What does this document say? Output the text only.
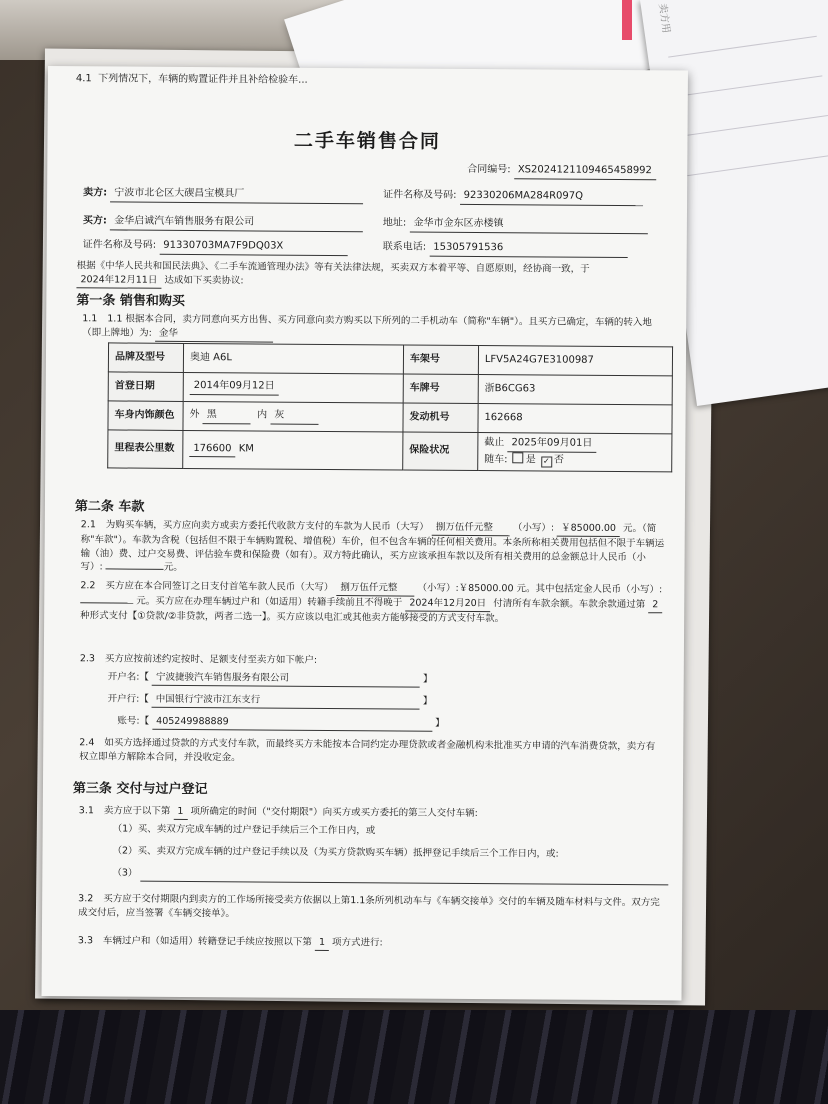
卖方用
4.1 下列情况下，车辆的购置证件并且补给检验车...
二手车销售合同
合同编号: XS2024121109465458992
卖方: 宁波市北仑区大碶昌宝模具厂	证件名称及号码: 92330206MA284R097Q
买方: 金华启诚汽车销售服务有限公司	地址: 金华市金东区赤楼镇
证件名称及号码: 91330703MA7F9DQ03X	联系电话: 15305791536
根据《中华人民共和国民法典》、《二手车流通管理办法》等有关法律法规，买卖双方本着平等、自愿原则，经协商一致，于 2024年12月11日 达成如下买卖协议:
第一条 销售和购买
1.1 1.1 根据本合同，卖方同意向买方出售、买方同意向卖方购买以下所列的二手机动车（简称"车辆"）。且买方已确定，车辆的转入地（即上牌地）为: 金华
品牌及型号	奥迪 A6L	车架号	LFV5A24G7E3100987
首登日期	2014年09月12日	车牌号	浙B6CG63
车身内饰颜色	外 黑 内 灰	发动机号	162668
里程表公里数	176600 KM	保险状况	截止 2025年09月01日
随车: 是 ✓ 否
第二条 车款
2.1 为购买车辆，买方应向卖方或卖方委托代收款方支付的车款为人民币（大写） 捌万伍仟元整 （小写）: ￥85000.00 元。（简称"车款"）。车款为含税（包括但不限于车辆购置税、增值税）车价，但不包含车辆的任何相关费用。本条所称相关费用包括但不限于车辆运输（油）费、过户交易费、评估验车费和保险费（如有）。双方特此确认，买方应该承担车款以及所有相关费用的总金额总计人民币（小写）:	元。
2.2 买方应在本合同签订之日支付首笔车款人民币（大写） 捌万伍仟元整 （小写）:￥85000.00 元。其中包括定金人民币（小写）:  元。买方应在办理车辆过户和（如适用）转籍手续前且不得晚于 2024年12月20日 付清所有车款余额。车款余款通过第 2 种形式支付【①贷款/②非贷款，两者二选一】。买方应该以电汇或其他卖方能够接受的方式支付车款。
2.3 买方应按前述约定按时、足额支付至卖方如下帐户:
开户名:【 宁波捷骏汽车销售服务有限公司	】
开户行:【 中国银行宁波市江东支行	】
账号:【 405249988889	】
2.4 如买方选择通过贷款的方式支付车款，而最终买方未能按本合同约定办理贷款或者金融机构未批准买方申请的汽车消费贷款，卖方有权立即单方解除本合同，并没收定金。
第三条 交付与过户登记
3.1 卖方应于以下第 1 项所确定的时间（"交付期限"）向买方或买方委托的第三人交付车辆:
（1）买、卖双方完成车辆的过户登记手续后三个工作日内，或
（2）买、卖双方完成车辆的过户登记手续以及（为买方贷款购买车辆）抵押登记手续后三个工作日内，或:
（3）
3.2 买方应于交付期限内到卖方的工作场所接受卖方依据以上第1.1条所列机动车与《车辆交接单》交付的车辆及随车材料与文件。双方完成交付后，应当签署《车辆交接单》。
3.3 车辆过户和（如适用）转籍登记手续应按照以下第 1 项方式进行:
